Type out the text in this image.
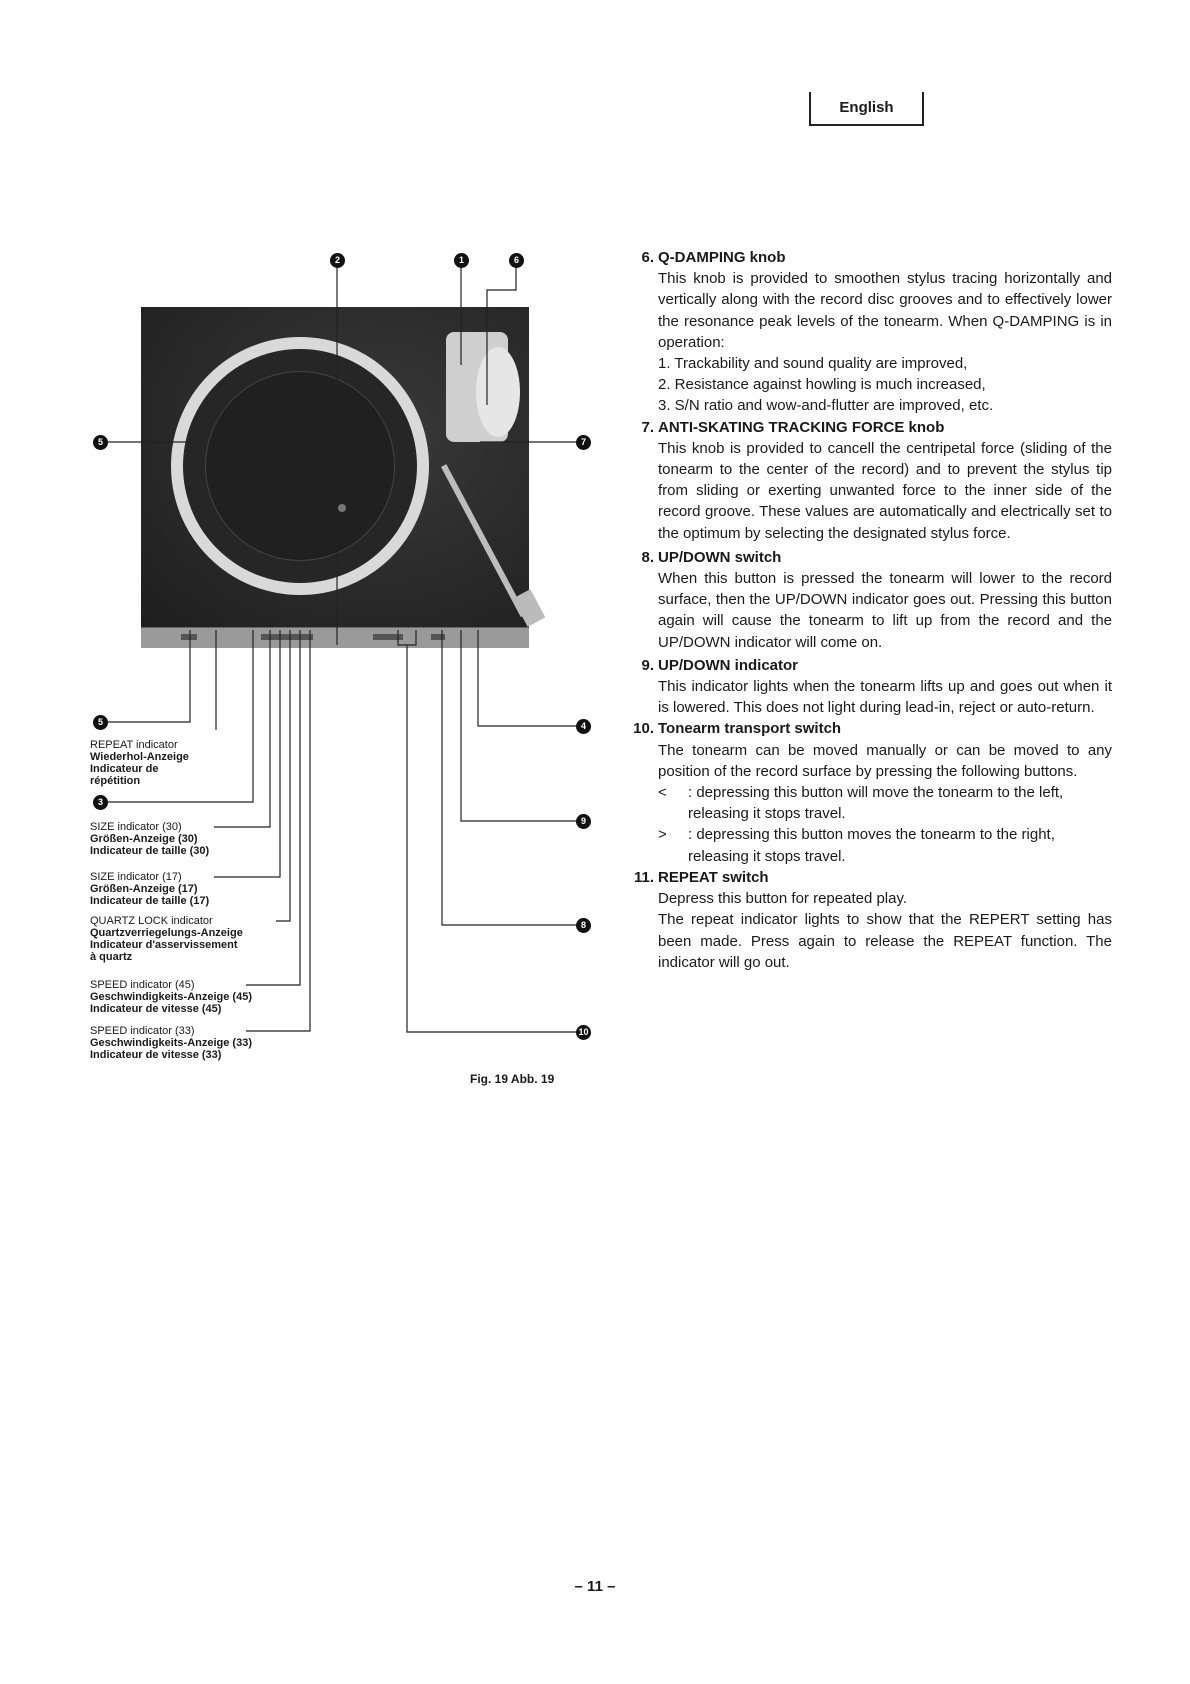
English
2	1	6
5	7
5
3
4
9
8
10
REPEAT indicator
Wiederhol-Anzeige
Indicateur de
répétition
SIZE indicator (30)
Größen-Anzeige (30)
Indicateur de taille (30)
SIZE indicator (17)
Größen-Anzeige (17)
Indicateur de taille (17)
QUARTZ LOCK indicator
Quartzverriegelungs-Anzeige
Indicateur d'asservissement
à quartz
SPEED indicator (45)
Geschwindigkeits-Anzeige (45)
Indicateur de vitesse (45)
SPEED indicator (33)
Geschwindigkeits-Anzeige (33)
Indicateur de vitesse (33)
Fig. 19 Abb. 19
6. Q-DAMPING knob
This knob is provided to smoothen stylus tracing horizontally and vertically along with the record disc grooves and to effectively lower the resonance peak levels of the tonearm. When Q-DAMPING is in operation:
1. Trackability and sound quality are improved,
2. Resistance against howling is much increased,
3. S/N ratio and wow-and-flutter are improved, etc.
7. ANTI-SKATING TRACKING FORCE knob
This knob is provided to cancell the centripetal force (sliding of the tonearm to the center of the record) and to prevent the stylus tip from sliding or exerting unwanted force to the inner side of the record groove. These values are automatically and electrically set to the optimum by selecting the designated stylus force.
8. UP/DOWN switch
When this button is pressed the tonearm will lower to the record surface, then the UP/DOWN indicator goes out. Pressing this button again will cause the tonearm to lift up from the record and the UP/DOWN indicator will come on.
9. UP/DOWN indicator
This indicator lights when the tonearm lifts up and goes out when it is lowered. This does not light during lead-in, reject or auto-return.
10. Tonearm transport switch
The tonearm can be moved manually or can be moved to any position of the record surface by pressing the following buttons.
< : depressing this button will move the tonearm to the left, releasing it stops travel.
> : depressing this button moves the tonearm to the right, releasing it stops travel.
11. REPEAT switch
Depress this button for repeated play.
The repeat indicator lights to show that the REPERT setting has been made. Press again to release the REPEAT function. The indicator will go out.
– 11 –
